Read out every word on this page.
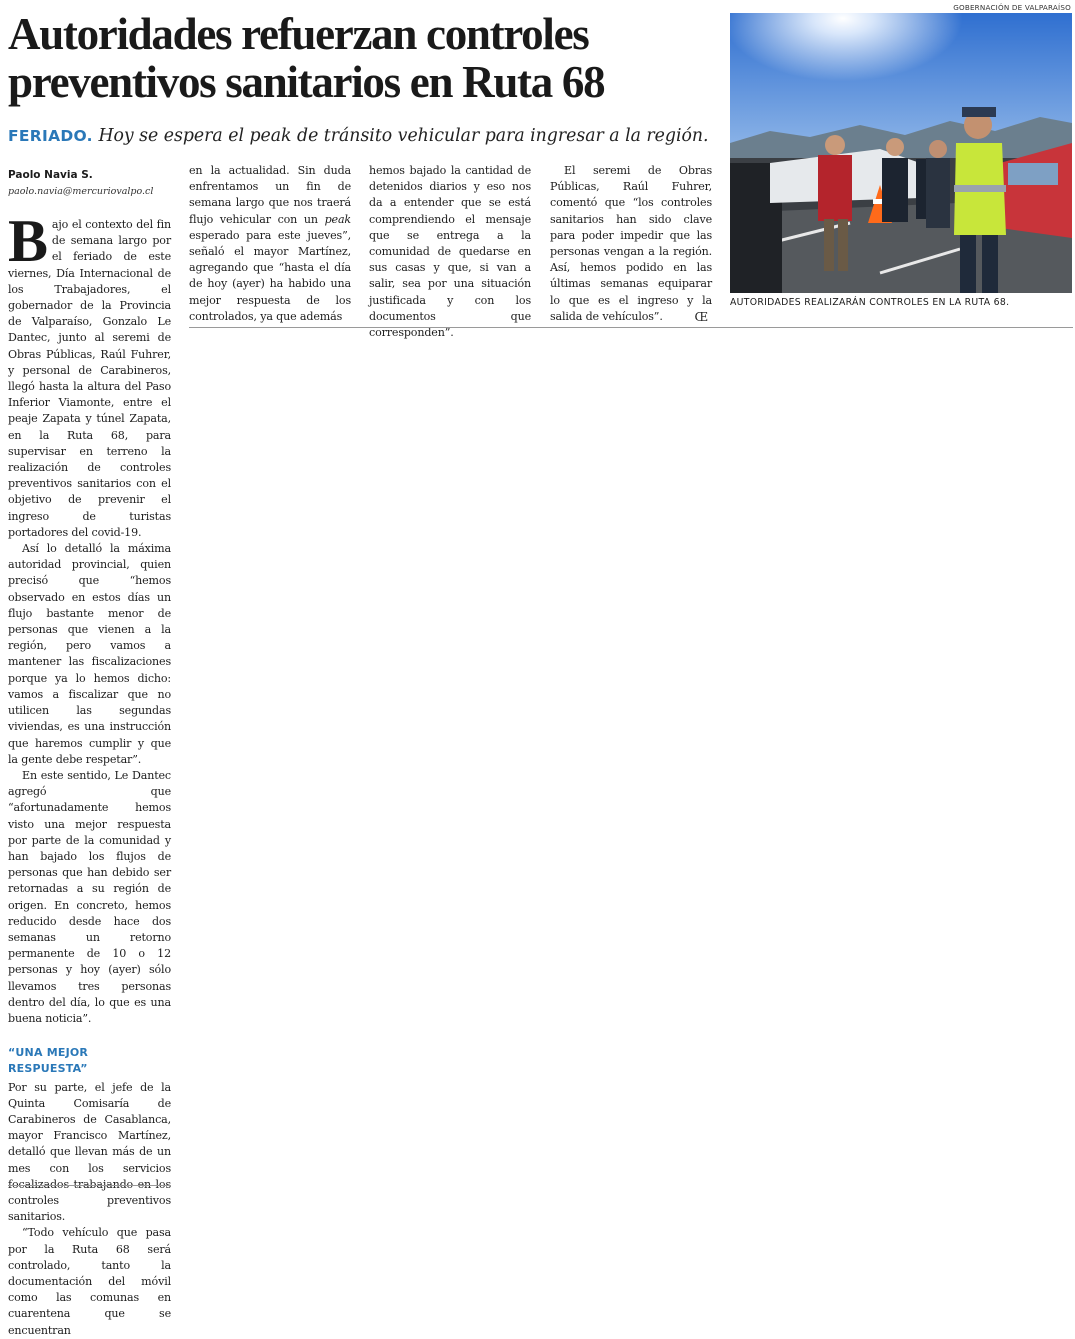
Autoridades refuerzan controles preventivos sanitarios en Ruta 68
FERIADO. Hoy se espera el peak de tránsito vehicular para ingresar a la región.
Paolo Navia S.
paolo.navia@mercuriovalpo.cl

Bajo el contexto del fin de semana largo por el feriado de este viernes, Día Internacional de los Trabajadores, el gobernador de la Provincia de Valparaíso, Gonzalo Le Dantec, junto al seremi de Obras Públicas, Raúl Fuhrer, y personal de Carabineros, llegó hasta la altura del Paso Inferior Viamonte, entre el peaje Zapata y túnel Zapata, en la Ruta 68, para supervisar en terreno la realización de controles preventivos sanitarios con el objetivo de prevenir el ingreso de turistas portadores del covid-19.

Así lo detalló la máxima autoridad provincial, quien precisó que “hemos observado en estos días un flujo bastante menor de personas que vienen a la región, pero vamos a mantener las fiscalizaciones porque ya lo hemos dicho: vamos a fiscalizar que no utilicen las segundas viviendas, es una instrucción que haremos cumplir y que la gente debe respetar”.

En este sentido, Le Dantec agregó que “afortunadamente hemos visto una mejor respuesta por parte de la comunidad y han bajado los flujos de personas que han debido ser retornadas a su región de origen. En concreto, hemos reducido desde hace dos semanas un retorno permanente de 10 o 12 personas y hoy (ayer) sólo llevamos tres personas dentro del día, lo que es una buena noticia”.

“UNA MEJOR RESPUESTA”

Por su parte, el jefe de la Quinta Comisaría de Carabineros de Casablanca, mayor Francisco Martínez, detalló que llevan más de un mes con los servicios focalizados trabajando en los controles preventivos sanitarios.

“Todo vehículo que pasa por la Ruta 68 será controlado, tanto la documentación del móvil como las comunas en cuarentena que se encuentran

en la actualidad. Sin duda enfrentamos un fin de semana largo que nos traerá flujo vehicular con un peak esperado para este jueves”, señaló el mayor Martínez, agregando que “hasta el día de hoy (ayer) ha habido una mejor respuesta de los controlados, ya que además

hemos bajado la cantidad de detenidos diarios y eso nos da a entender que se está comprendiendo el mensaje que se entrega a la comunidad de quedarse en sus casas y que, si van a salir, sea por una situación justificada y con los documentos que corresponden”.

El seremi de Obras Públicas, Raúl Fuhrer, comentó que “los controles sanitarios han sido clave para poder impedir que las personas vengan a la región. Así, hemos podido en las últimas semanas equiparar lo que es el ingreso y la salida de vehículos”.	Œ

GOBERNACIÓN DE VALPARAÍSO
AUTORIDADES REALIZARÁN CONTROLES EN LA RUTA 68.
